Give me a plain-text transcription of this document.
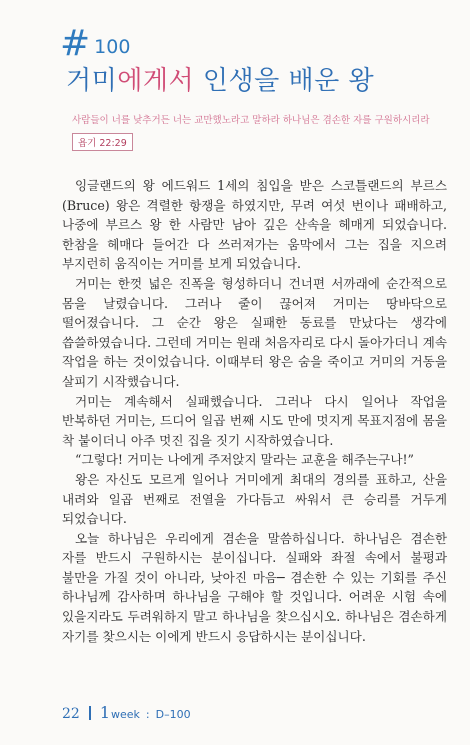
# 100
거미에게서 인생을 배운 왕
사람들이 너를 낮추거든 너는 교만했노라고 말하라 하나님은 겸손한 자를 구원하시리라
욥기 22:29

잉글랜드의 왕 에드워드 1세의 침입을 받은 스코틀랜드의 부르스(Bruce) 왕은 격렬한 항쟁을 하였지만, 무려 여섯 번이나 패배하고, 나중에 부르스 왕 한 사람만 남아 깊은 산속을 헤매게 되었습니다. 한참을 헤매다 들어간 다 쓰러져가는 움막에서 그는 집을 지으려 부지런히 움직이는 거미를 보게 되었습니다.

거미는 한껏 넓은 진폭을 형성하더니 건너편 서까래에 순간적으로 몸을 날렸습니다. 그러나 줄이 끊어져 거미는 땅바닥으로 떨어졌습니다. 그 순간 왕은 실패한 동료를 만났다는 생각에 씁쓸하였습니다. 그런데 거미는 원래 처음자리로 다시 돌아가더니 계속 작업을 하는 것이었습니다. 이때부터 왕은 숨을 죽이고 거미의 거동을 살피기 시작했습니다.

거미는 계속해서 실패했습니다. 그러나 다시 일어나 작업을 반복하던 거미는, 드디어 일곱 번째 시도 만에 멋지게 목표지점에 몸을 착 붙이더니 아주 멋진 집을 짓기 시작하였습니다.

“그렇다! 거미는 나에게 주저앉지 말라는 교훈을 해주는구나!”

왕은 자신도 모르게 일어나 거미에게 최대의 경의를 표하고, 산을 내려와 일곱 번째로 전열을 가다듬고 싸워서 큰 승리를 거두게 되었습니다.

오늘 하나님은 우리에게 겸손을 말씀하십니다. 하나님은 겸손한 자를 반드시 구원하시는 분이십니다. 실패와 좌절 속에서 불평과 불만을 가질 것이 아니라, 낮아진 마음─ 겸손한 수 있는 기회를 주신 하나님께 감사하며 하나님을 구해야 할 것입니다. 어려운 시험 속에 있을지라도 두려워하지 말고 하나님을 찾으십시오. 하나님은 겸손하게 자기를 찾으시는 이에게 반드시 응답하시는 분이십니다.

22 1 week : D–100
